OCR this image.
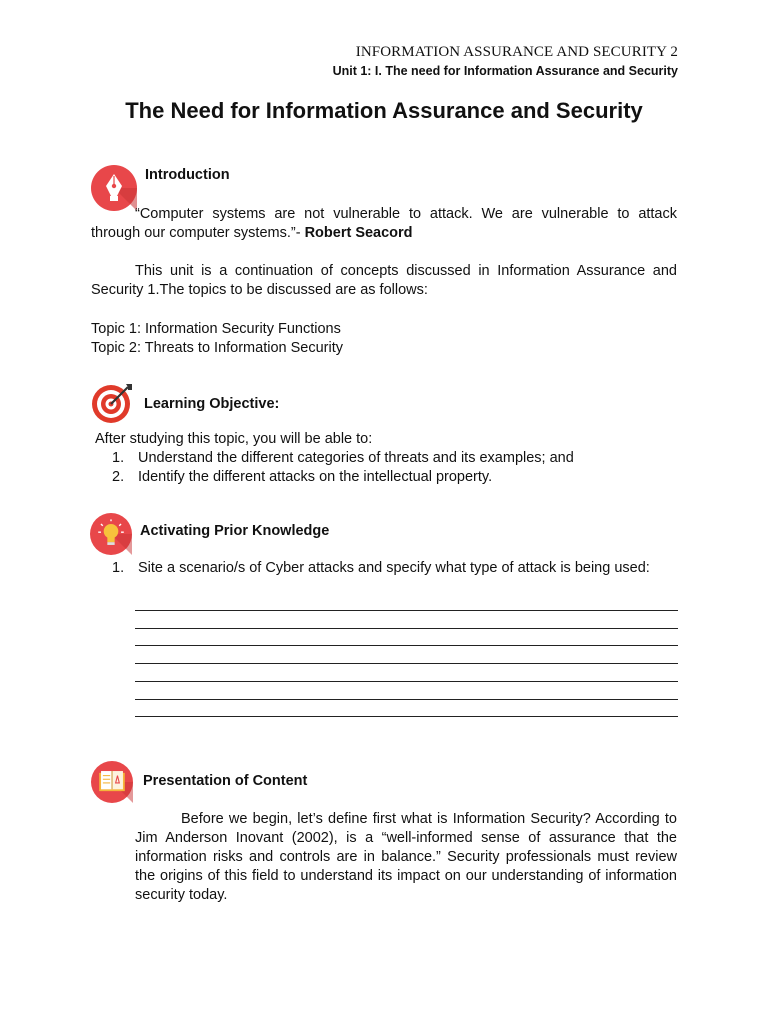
INFORMATION ASSURANCE AND SECURITY 2
Unit 1: I. The need for Information Assurance and Security
The Need for Information Assurance and Security
Introduction
“Computer systems are not vulnerable to attack. We are vulnerable to attack through our computer systems.”- Robert Seacord
This unit is a continuation of concepts discussed in Information Assurance and Security 1.The topics to be discussed are as follows:
Topic 1: Information Security Functions
Topic 2: Threats to Information Security
Learning Objective:
After studying this topic, you will be able to:
1. Understand the different categories of threats and its examples; and
2. Identify the different attacks on the intellectual property.
Activating Prior Knowledge
1. Site a scenario/s of Cyber attacks and specify what type of attack is being used:
Presentation of Content
Before we begin, let’s define first what is Information Security? According to Jim Anderson Inovant (2002), is a “well-informed sense of assurance that the information risks and controls are in balance.” Security professionals must review the origins of this field to understand its impact on our understanding of information security today.
